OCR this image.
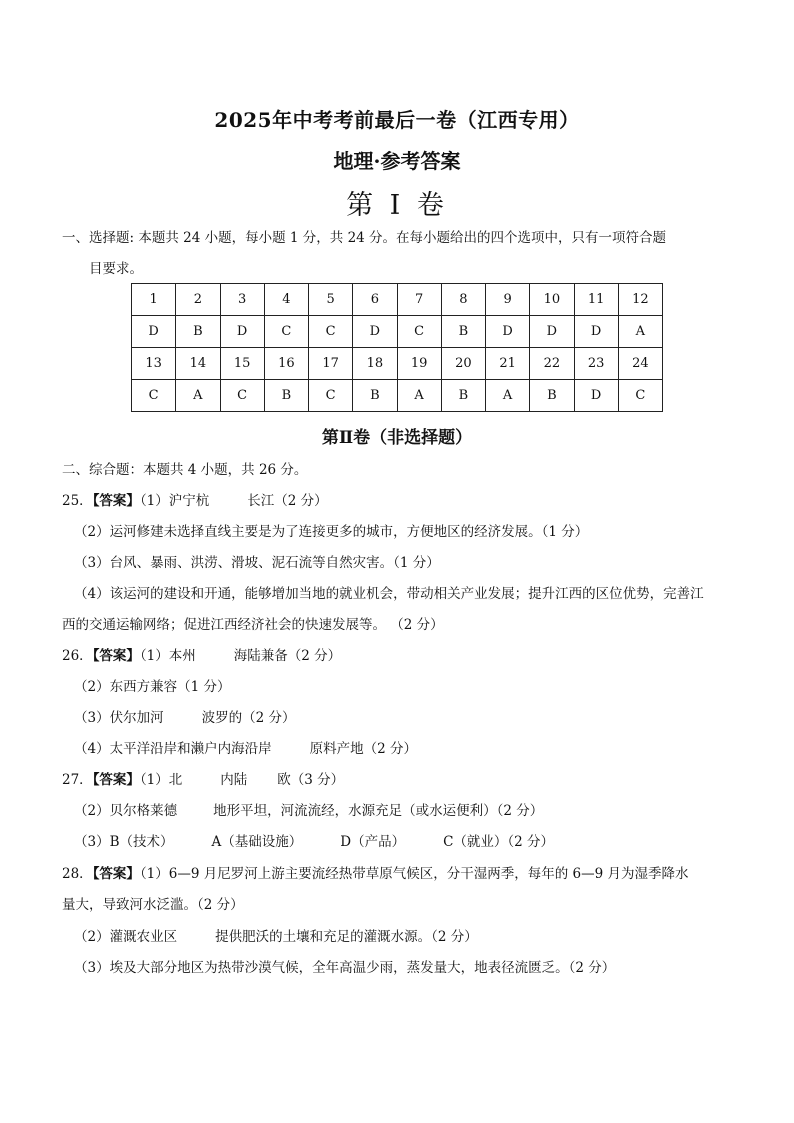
2025年中考考前最后一卷（江西专用）
地理·参考答案
第 I 卷
一、选择题: 本题共 24 小题，每小题 1 分，共 24 分。在每小题给出的四个选项中，只有一项符合题
目要求。
1	2	3	4	5	6	7	8	9	10	11	12
D	B	D	C	C	D	C	B	D	D	D	A
13	14	15	16	17	18	19	20	21	22	23	24
C	A	C	B	C	B	A	B	A	B	D	C
第Ⅱ卷（非选择题）
二、综合题：本题共 4 小题，共 26 分。
25．【答案】（1）沪宁杭	长江（2 分）
（2）运河修建未选择直线主要是为了连接更多的城市，方便地区的经济发展。（1 分）
（3）台风、暴雨、洪涝、滑坡、泥石流等自然灾害。（1 分）
（4）该运河的建设和开通，能够增加当地的就业机会，带动相关产业发展；提升江西的区位优势，完善江
西的交通运输网络；促进江西经济社会的快速发展等。 （2 分）
26．【答案】（1）本州	海陆兼备（2 分）
（2）东西方兼容（1 分）
（3）伏尔加河	波罗的（2 分）
（4）太平洋沿岸和濑户内海沿岸	原料产地（2 分）
27．【答案】（1）北	内陆 欧（3 分）
（2）贝尔格莱德	地形平坦，河流流经，水源充足（或水运便利）（2 分）
（3）B（技术）	A（基础设施）	D（产品）	C（就业）（2 分）
28．【答案】（1）6—9 月尼罗河上游主要流经热带草原气候区，分干湿两季，每年的 6—9 月为湿季降水
量大，导致河水泛滥。（2 分）
（2）灌溉农业区	提供肥沃的土壤和充足的灌溉水源。（2 分）
（3）埃及大部分地区为热带沙漠气候，全年高温少雨，蒸发量大，地表径流匮乏。（2 分）
